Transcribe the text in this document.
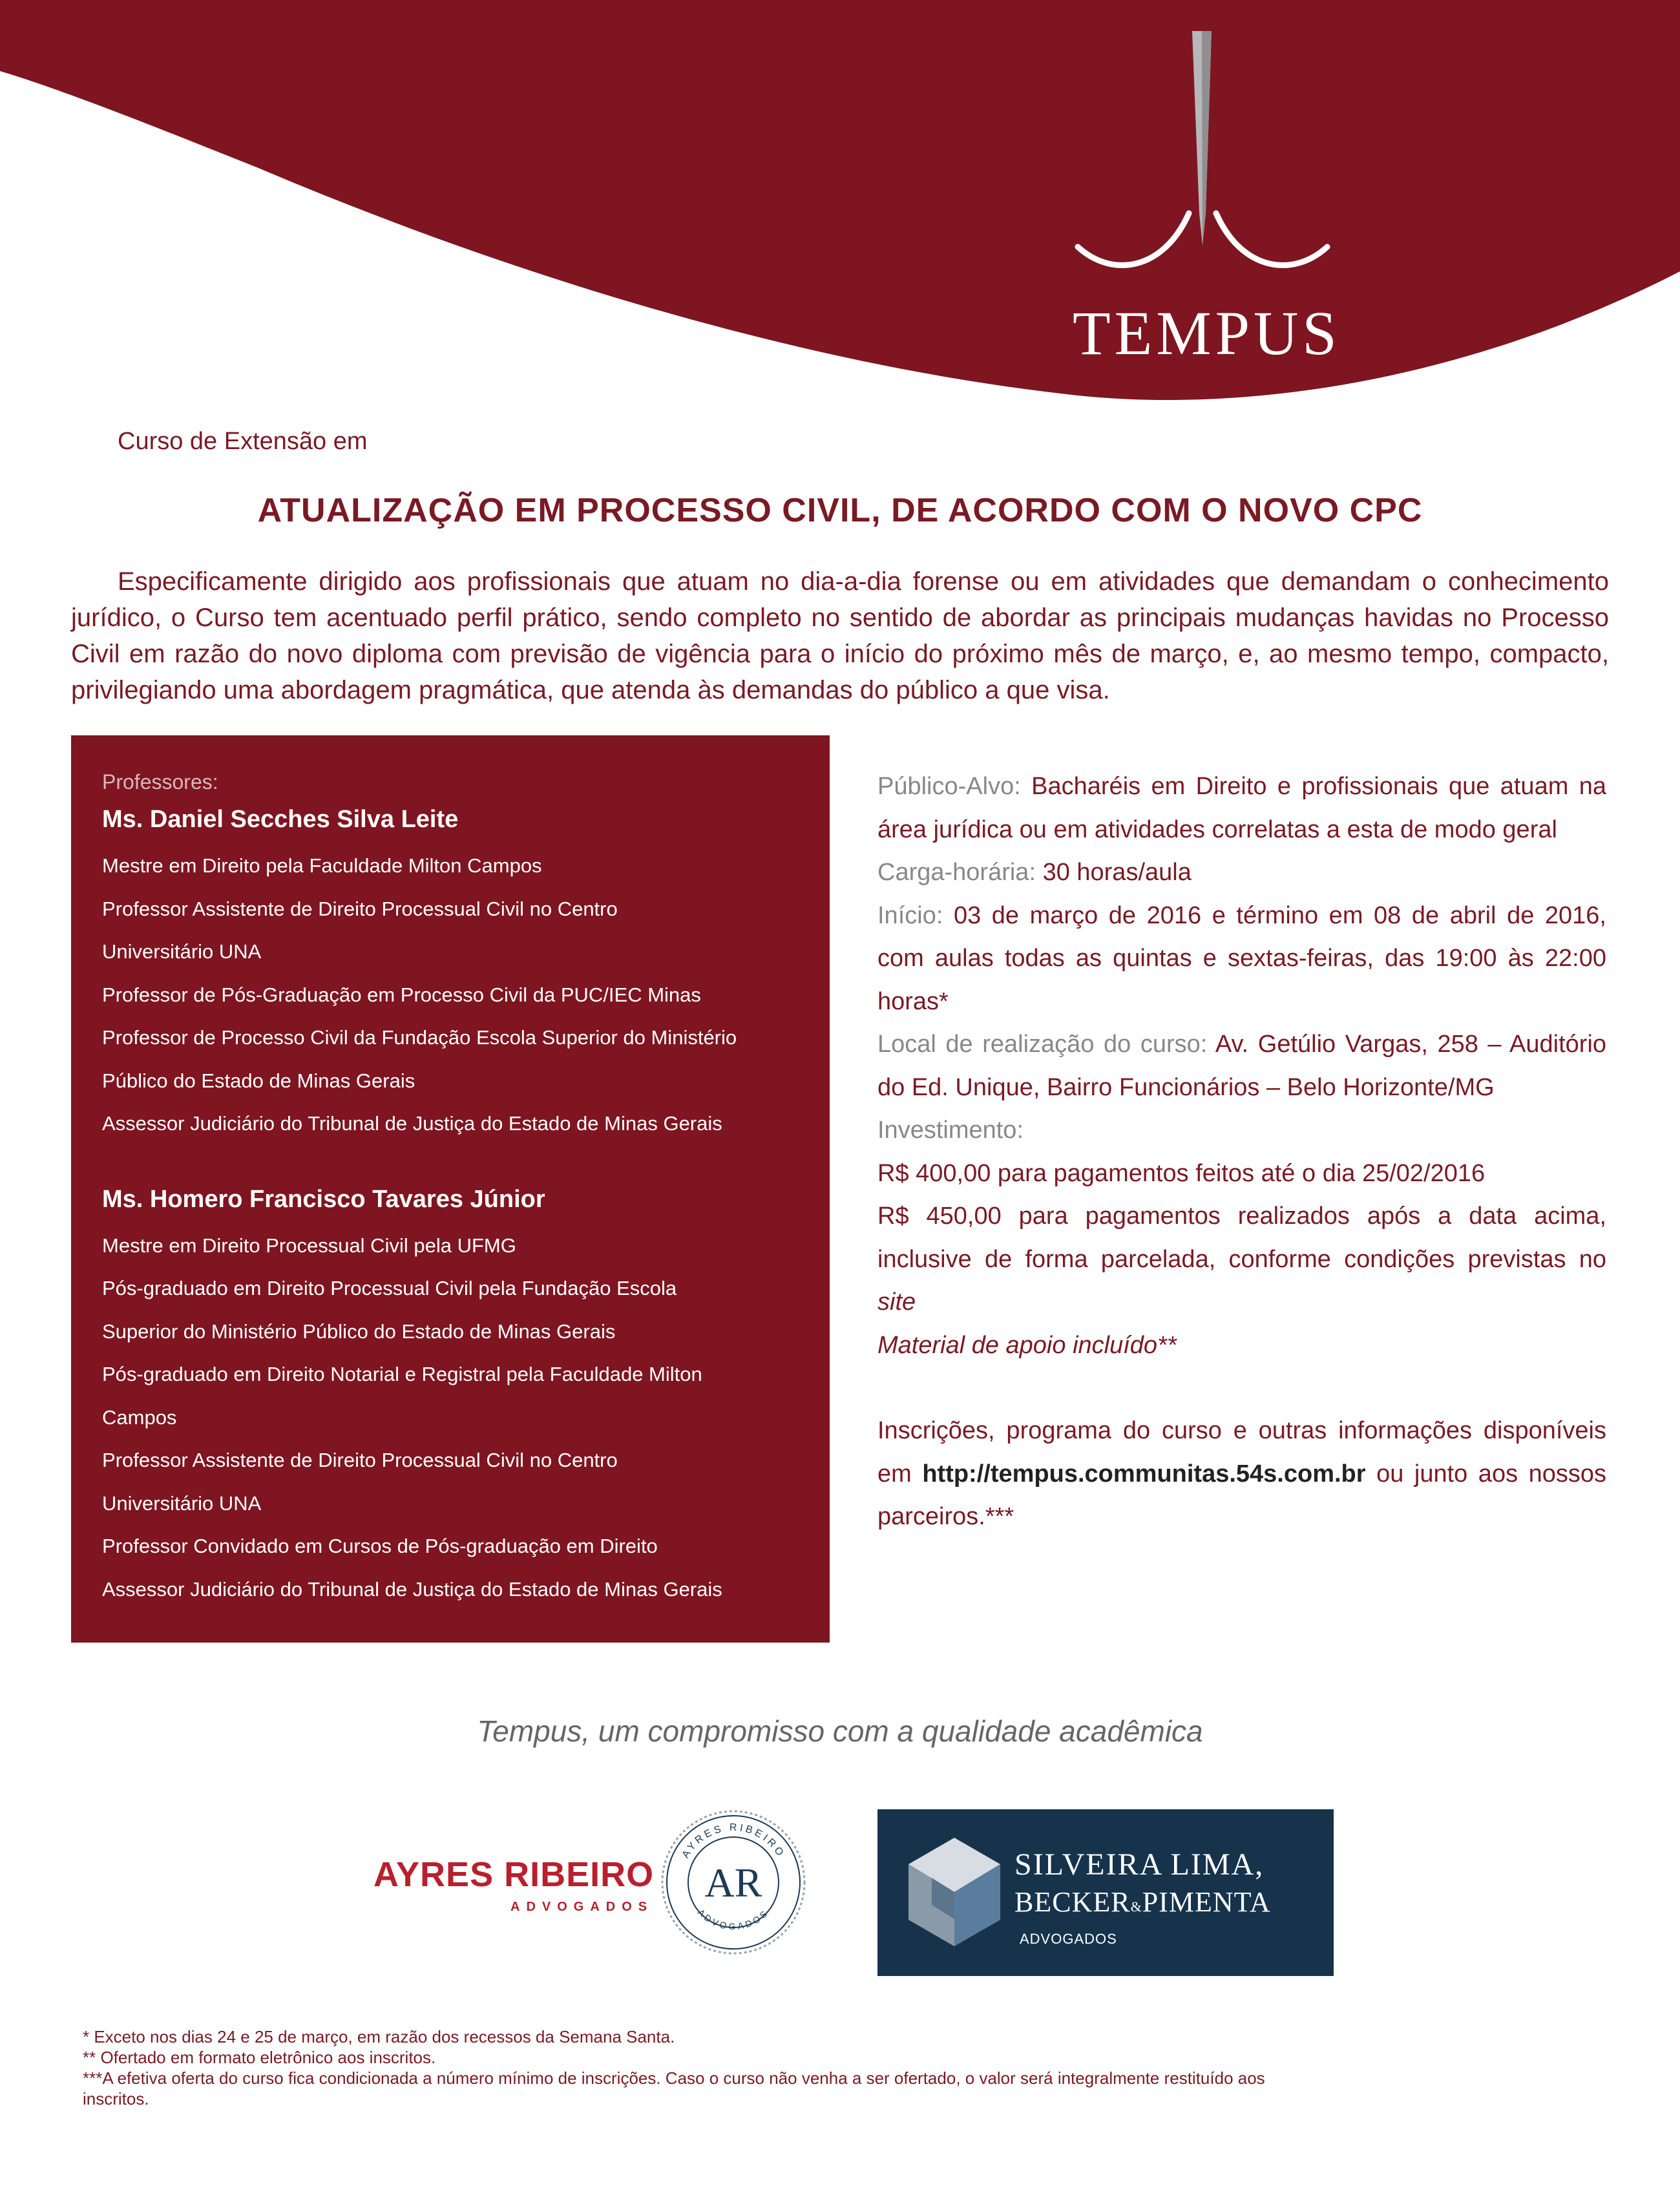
TEMPUS
Curso de Extensão em
ATUALIZAÇÃO EM PROCESSO CIVIL, DE ACORDO COM O NOVO CPC
Especificamente dirigido aos profissionais que atuam no dia-a-dia forense ou em atividades que demandam o conhecimento jurídico, o Curso tem acentuado perfil prático, sendo completo no sentido de abordar as principais mudanças havidas no Processo Civil em razão do novo diploma com previsão de vigência para o início do próximo mês de março, e, ao mesmo tempo, compacto, privilegiando uma abordagem pragmática, que atenda às demandas do público a que visa.
Professores:
Ms. Daniel Secches Silva Leite
Mestre em Direito pela Faculdade Milton Campos
Professor Assistente de Direito Processual Civil no Centro
Universitário UNA
Professor de Pós-Graduação em Processo Civil da PUC/IEC Minas
Professor de Processo Civil da Fundação Escola Superior do Ministério
Público do Estado de Minas Gerais
Assessor Judiciário do Tribunal de Justiça do Estado de Minas Gerais
Ms. Homero Francisco Tavares Júnior
Mestre em Direito Processual Civil pela UFMG
Pós-graduado em Direito Processual Civil pela Fundação Escola
Superior do Ministério Público do Estado de Minas Gerais
Pós-graduado em Direito Notarial e Registral pela Faculdade Milton
Campos
Professor Assistente de Direito Processual Civil no Centro
Universitário UNA
Professor Convidado em Cursos de Pós-graduação em Direito
Assessor Judiciário do Tribunal de Justiça do Estado de Minas Gerais

Público-Alvo: Bacharéis em Direito e profissionais que atuam na área jurídica ou em atividades correlatas a esta de modo geral

Carga-horária: 30 horas/aula

Início: 03 de março de 2016 e término em 08 de abril de 2016, com aulas todas as quintas e sextas-feiras, das 19:00 às 22:00 horas*

Local de realização do curso: Av. Getúlio Vargas, 258 – Auditório do Ed. Unique, Bairro Funcionários – Belo Horizonte/MG

Investimento:

R$ 400,00 para pagamentos feitos até o dia 25/02/2016

R$ 450,00 para pagamentos realizados após a data acima, inclusive de forma parcelada, conforme condições previstas no site

Material de apoio incluído**

Inscrições, programa do curso e outras informações disponíveis em http://tempus.communitas.54s.com.br ou junto aos nossos parceiros.***

Tempus, um compromisso com a qualidade acadêmica
AYRES RIBEIRO
ADVOGADOS
AYRES RIBEIRO
ADVOGADOS
AR	SILVEIRA LIMA,
BECKER&PIMENTA
ADVOGADOS

* Exceto nos dias 24 e 25 de março, em razão dos recessos da Semana Santa.

** Ofertado em formato eletrônico aos inscritos.

***A efetiva oferta do curso fica condicionada a número mínimo de inscrições. Caso o curso não venha a ser ofertado, o valor será integralmente restituído aos inscritos.
